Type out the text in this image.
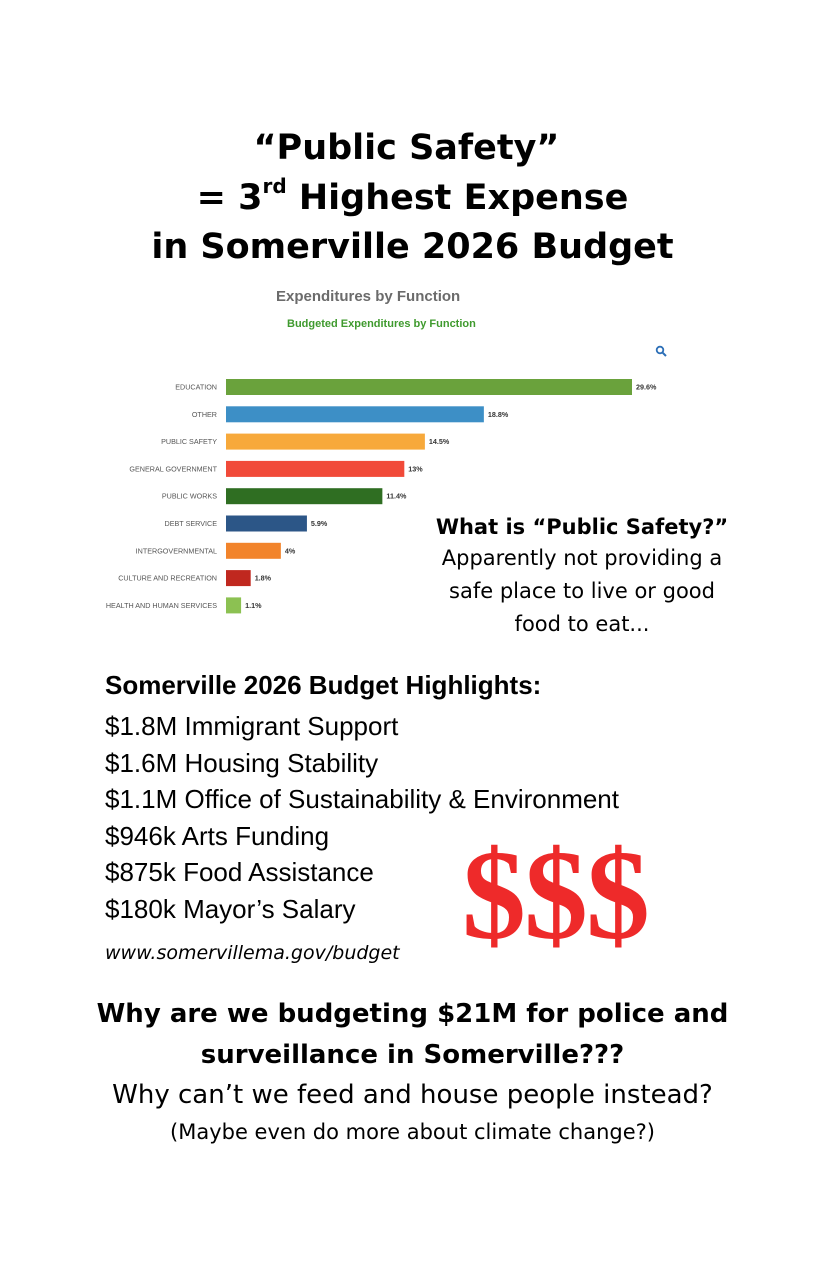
“Public Safety”
= 3rd Highest Expense
in Somerville 2026 Budget
Expenditures by Function
Budgeted Expenditures by Function
EDUCATION	29.6%
OTHER	18.8%
PUBLIC SAFETY	14.5%
GENERAL GOVERNMENT	13%
PUBLIC WORKS	11.4%
DEBT SERVICE	5.9%
INTERGOVERNMENTAL	4%
CULTURE AND RECREATION	1.8%
HEALTH AND HUMAN SERVICES	1.1%
What is “Public Safety?”
Apparently not providing a
safe place to live or good
food to eat...
Somerville 2026 Budget Highlights:
$1.8M Immigrant Support
$1.6M Housing Stability
$1.1M Office of Sustainability & Environment
$946k Arts Funding
$875k Food Assistance
$180k Mayor’s Salary
www.somervillema.gov/budget $$$
Why are we budgeting $21M for police and
surveillance in Somerville???
Why can’t we feed and house people instead?
(Maybe even do more about climate change?)
